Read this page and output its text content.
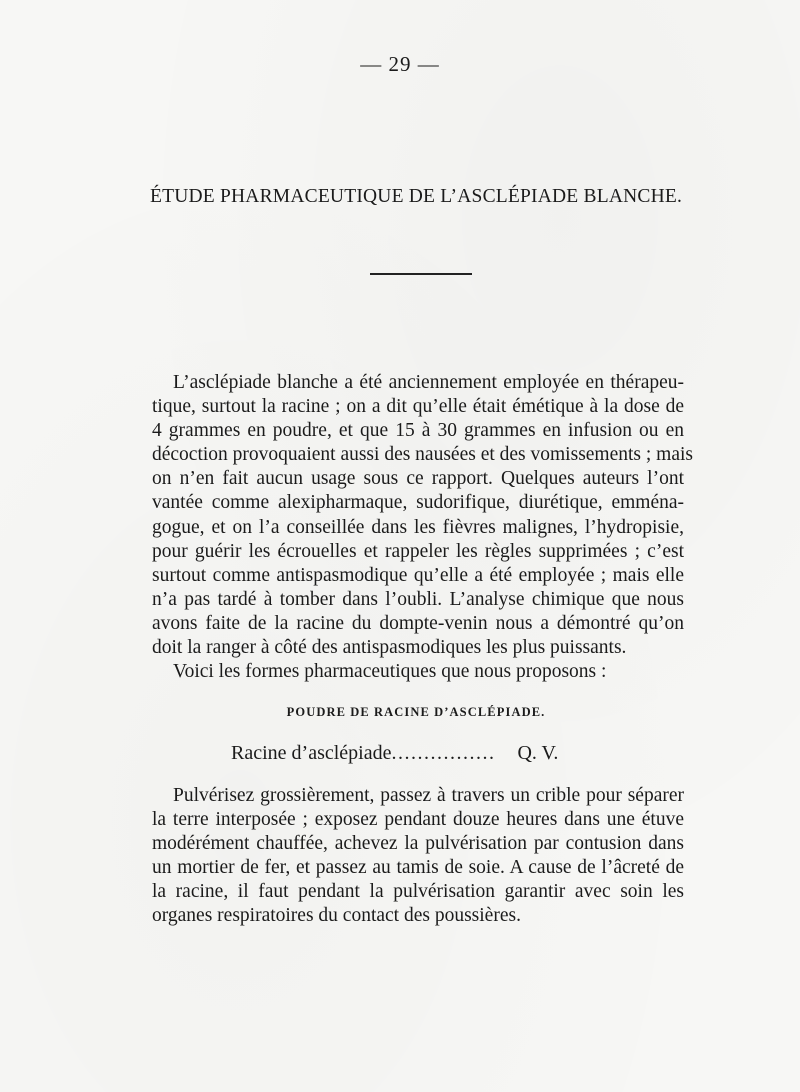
— 29 —
ÉTUDE PHARMACEUTIQUE DE L’ASCLÉPIADE BLANCHE.
L’asclépiade blanche a été anciennement employée en thérapeu-
tique, surtout la racine ; on a dit qu’elle était émétique à la dose de
4 grammes en poudre, et que 15 à 30 grammes en infusion ou en
décoction provoquaient aussi des nausées et des vomissements ; mais
on n’en fait aucun usage sous ce rapport. Quelques auteurs l’ont
vantée comme alexipharmaque, sudorifique, diurétique, emména-
gogue, et on l’a conseillée dans les fièvres malignes, l’hydropisie,
pour guérir les écrouelles et rappeler les règles supprimées ; c’est
surtout comme antispasmodique qu’elle a été employée ; mais elle
n’a pas tardé à tomber dans l’oubli. L’analyse chimique que nous
avons faite de la racine du dompte-venin nous a démontré qu’on
doit la ranger à côté des antispasmodiques les plus puissants.
Voici les formes pharmaceutiques que nous proposons :
POUDRE DE RACINE D’ASCLÉPIADE.
Racine d’asclépiade................ Q. V.
Pulvérisez grossièrement, passez à travers un crible pour séparer
la terre interposée ; exposez pendant douze heures dans une étuve
modérément chauffée, achevez la pulvérisation par contusion dans
un mortier de fer, et passez au tamis de soie. A cause de l’âcreté de
la racine, il faut pendant la pulvérisation garantir avec soin les
organes respiratoires du contact des poussières.
